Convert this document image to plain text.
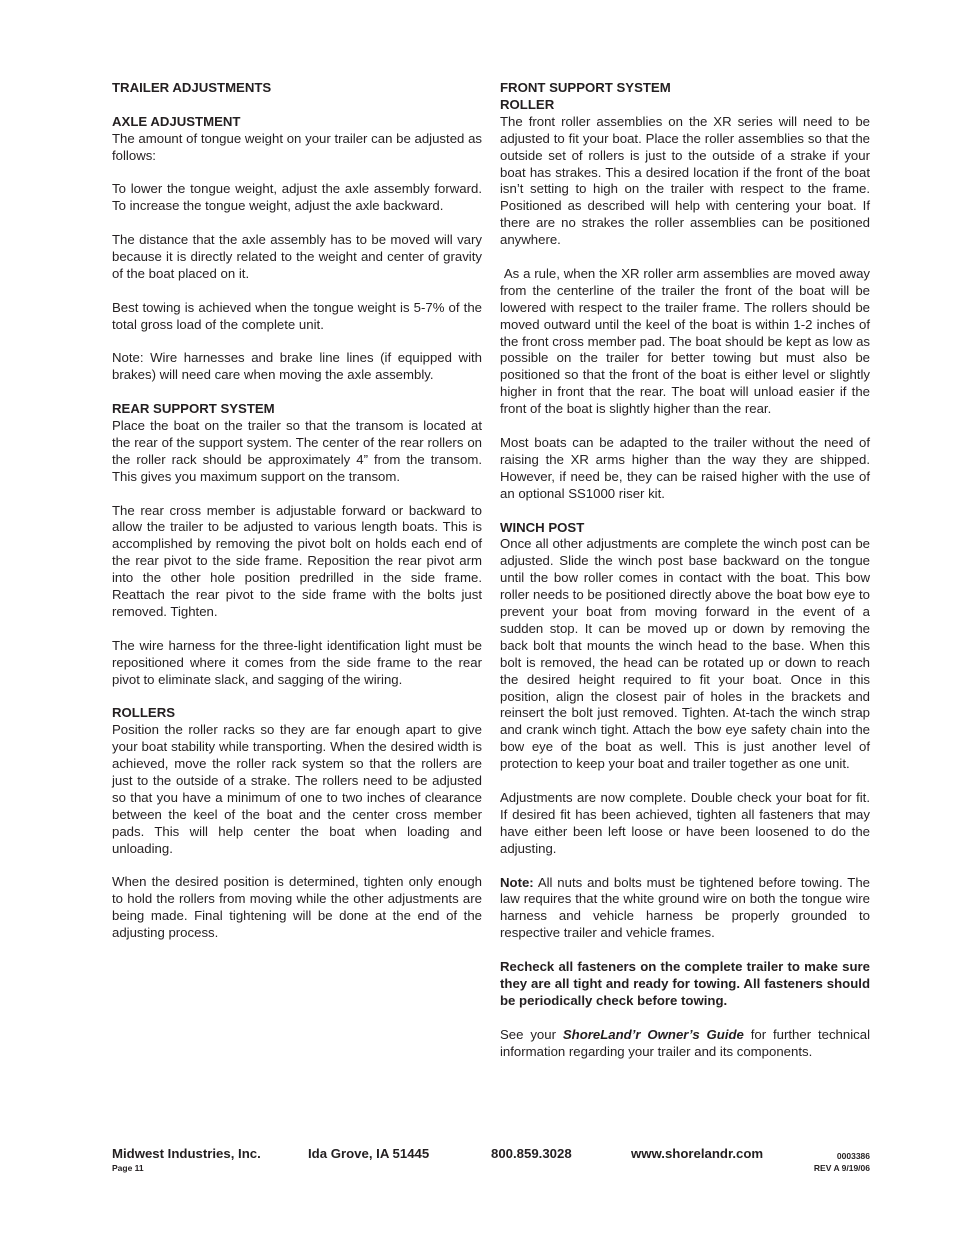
TRAILER ADJUSTMENTS

AXLE ADJUSTMENT

The amount of tongue weight on your trailer can be adjusted as follows:

To lower the tongue weight, adjust the axle assembly forward. To increase the tongue weight, adjust the axle backward.

The distance that the axle assembly has to be moved will vary because it is directly related to the weight and center of gravity of the boat placed on it.

Best towing is achieved when the tongue weight is 5-7% of the total gross load of the complete unit.

Note: Wire harnesses and brake line lines (if equipped with brakes) will need care when moving the axle assembly.

REAR SUPPORT SYSTEM

Place the boat on the trailer so that the transom is located at the rear of the support system. The center of the rear rollers on the roller rack should be approximately 4” from the transom. This gives you maximum support on the transom.

The rear cross member is adjustable forward or backward to allow the trailer to be adjusted to various length boats. This is accomplished by removing the pivot bolt on holds each end of the rear pivot to the side frame. Reposition the rear pivot arm into the other hole position predrilled in the side frame. Reattach the rear pivot to the side frame with the bolts just removed. Tighten.

The wire harness for the three-light identification light must be repositioned where it comes from the side frame to the rear pivot to eliminate slack, and sagging of the wiring.

ROLLERS

Position the roller racks so they are far enough apart to give your boat stability while transporting. When the desired width is achieved, move the roller rack system so that the rollers are just to the outside of a strake. The rollers need to be adjusted so that you have a minimum of one to two inches of clearance between the keel of the boat and the center cross member pads. This will help center the boat when loading and unloading.

When the desired position is determined, tighten only enough to hold the rollers from moving while the other adjustments are being made. Final tightening will be done at the end of the adjusting process.

FRONT SUPPORT SYSTEM

ROLLER

The front roller assemblies on the XR series will need to be adjusted to fit your boat. Place the roller assemblies so that the outside set of rollers is just to the outside of a strake if your boat has strakes. This a desired location if the front of the boat isn’t setting to high on the trailer with respect to the frame. Positioned as described will help with centering your boat. If there are no strakes the roller assemblies can be positioned anywhere.

As a rule, when the XR roller arm assemblies are moved away from the centerline of the trailer the front of the boat will be lowered with respect to the trailer frame. The rollers should be moved outward until the keel of the boat is within 1-2 inches of the front cross member pad. The boat should be kept as low as possible on the trailer for better towing but must also be positioned so that the front of the boat is either level or slightly higher in front that the rear. The boat will unload easier if the front of the boat is slightly higher than the rear.

Most boats can be adapted to the trailer without the need of raising the XR arms higher than the way they are shipped. However, if need be, they can be raised higher with the use of an optional SS1000 riser kit.

WINCH POST

Once all other adjustments are complete the winch post can be adjusted. Slide the winch post base backward on the tongue until the bow roller comes in contact with the boat. This bow roller needs to be positioned directly above the boat bow eye to prevent your boat from moving forward in the event of a sudden stop. It can be moved up or down by removing the back bolt that mounts the winch head to the base. When this bolt is removed, the head can be rotated up or down to reach the desired height required to fit your boat. Once in this position, align the closest pair of holes in the brackets and reinsert the bolt just removed. Tighten. At-tach the winch strap and crank winch tight. Attach the bow eye safety chain into the bow eye of the boat as well. This is just another level of protection to keep your boat and trailer together as one unit.

Adjustments are now complete. Double check your boat for fit. If desired fit has been achieved, tighten all fasteners that may have either been left loose or have been loosened to do the adjusting.

Note: All nuts and bolts must be tightened before towing. The law requires that the white ground wire on both the tongue wire harness and vehicle harness be properly grounded to respective trailer and vehicle frames.

Recheck all fasteners on the complete trailer to make sure they are all tight and ready for towing. All fasteners should be periodically check before towing.

See your ShoreLand’r Owner’s Guide for further technical information regarding your trailer and its components.

Midwest Industries, Inc.	Ida Grove, IA 51445	800.859.3028	www.shorelandr.com
Page 11
0003386
REV A 9/19/06
